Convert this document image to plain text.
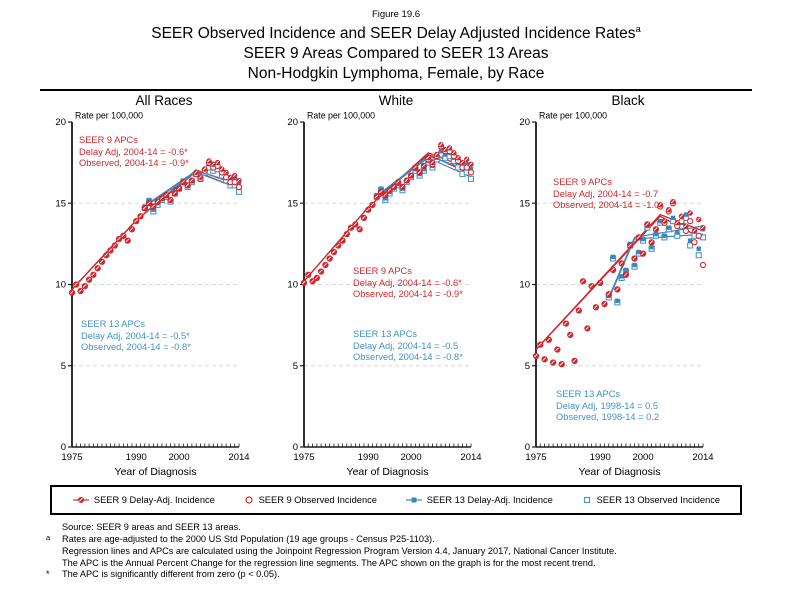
Figure 19.6
SEER Observed Incidence and SEER Delay Adjusted Incidence Rates$^a$
SEER 9 Areas Compared to SEER 13 Areas
Non-Hodgkin Lymphoma, Female, by Race
All Races
0
5
10
15
20
1975	1990 2000	2014
Rate per 100,000
Year of Diagnosis
SEER 9 APCs
Delay Adj, 2004-14 = -0.6*
Observed, 2004-14 = -0.9*
SEER 13 APCs
Delay Adj, 2004-14 = -0.5*
Observed, 2004-14 = -0.8*
White
0
5
10
15
20
1975	1990 2000	2014
Rate per 100,000
Year of Diagnosis
SEER 9 APCs
Delay Adj, 2004-14 = -0.6*
Observed, 2004-14 = -0.9*
SEER 13 APCs
Delay Adj, 2004-14 = -0.5
Observed, 2004-14 = -0.8*
Black
0
5
10
15
20
1975	1990 2000	2014
Rate per 100,000
Year of Diagnosis
SEER 9 APCs
Delay Adj, 2004-14 = -0.7
Observed, 2004-14 = -1.0
SEER 13 APCs
Delay Adj, 1998-14 = 0.5
Observed, 1998-14 = 0.2
SEER 9 Delay-Adj. Incidence	SEER 9 Observed Incidence	SEER 13 Delay-Adj. Incidence	SEER 13 Observed Incidence
Source: SEER 9 areas and SEER 13 areas.
a	Rates are age-adjusted to the 2000 US Std Population (19 age groups - Census P25-1103).
Regression lines and APCs are calculated using the Joinpoint Regression Program Version 4.4, January 2017, National Cancer Institute.
The APC is the Annual Percent Change for the regression line segments. The APC shown on the graph is for the most recent trend.
*	The APC is significantly different from zero (p < 0.05).
